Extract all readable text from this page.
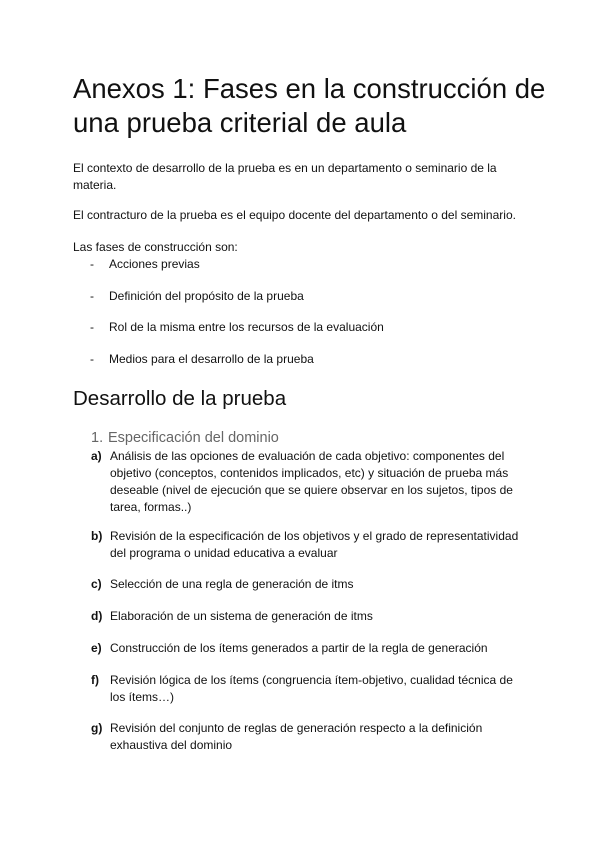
Anexos 1: Fases en la construcción de una prueba criterial de aula

El contexto de desarrollo de la prueba es en un departamento o seminario de la materia.

El contracturo de la prueba es el equipo docente del departamento o del seminario.

Las fases de construcción son:

- Acciones previas
- Definición del propósito de la prueba
- Rol de la misma entre los recursos de la evaluación
- Medios para el desarrollo de la prueba
Desarrollo de la prueba
1. Especificación del dominio
a) Análisis de las opciones de evaluación de cada objetivo: componentes del objetivo (conceptos, contenidos implicados, etc) y situación de prueba más deseable (nivel de ejecución que se quiere observar en los sujetos, tipos de tarea, formas..)
b) Revisión de la especificación de los objetivos y el grado de representatividad del programa o unidad educativa a evaluar
c) Selección de una regla de generación de itms
d) Elaboración de un sistema de generación de itms
e) Construcción de los ítems generados a partir de la regla de generación
f) Revisión lógica de los ítems (congruencia ítem-objetivo, cualidad técnica de los ítems…)
g) Revisión del conjunto de reglas de generación respecto a la definición exhaustiva del dominio
